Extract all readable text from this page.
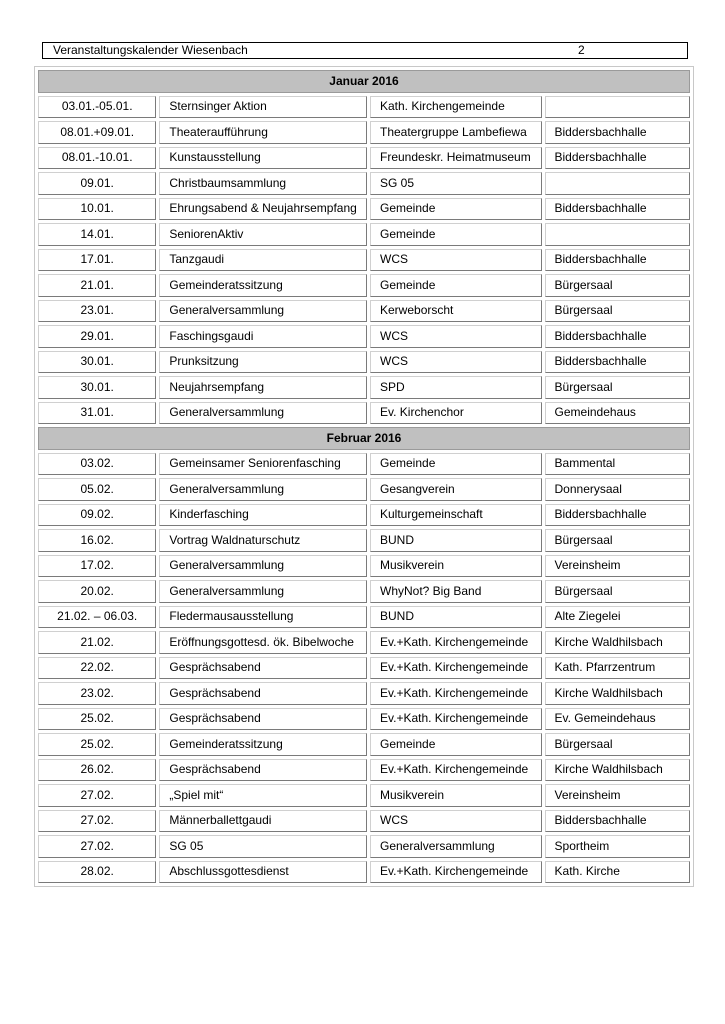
Veranstaltungskalender Wiesenbach	2
Januar 2016			
03.01.-05.01.	Sternsinger Aktion	Kath. Kirchengemeinde	
08.01.+09.01.	Theateraufführung	Theatergruppe Lambefiewa	Biddersbachhalle
08.01.-10.01.	Kunstausstellung	Freundeskr. Heimatmuseum	Biddersbachhalle
09.01.	Christbaumsammlung	SG 05	
10.01.	Ehrungsabend & Neujahrsempfang	Gemeinde	Biddersbachhalle
14.01.	SeniorenAktiv	Gemeinde	
17.01.	Tanzgaudi	WCS	Biddersbachhalle
21.01.	Gemeinderatssitzung	Gemeinde	Bürgersaal
23.01.	Generalversammlung	Kerweborscht	Bürgersaal
29.01.	Faschingsgaudi	WCS	Biddersbachhalle
30.01.	Prunksitzung	WCS	Biddersbachhalle
30.01.	Neujahrsempfang	SPD	Bürgersaal
31.01.	Generalversammlung	Ev. Kirchenchor	Gemeindehaus
Februar 2016			
03.02.	Gemeinsamer Seniorenfasching	Gemeinde	Bammental
05.02.	Generalversammlung	Gesangverein	Donnerysaal
09.02.	Kinderfasching	Kulturgemeinschaft	Biddersbachhalle
16.02.	Vortrag Waldnaturschutz	BUND	Bürgersaal
17.02.	Generalversammlung	Musikverein	Vereinsheim
20.02.	Generalversammlung	WhyNot? Big Band	Bürgersaal
21.02. – 06.03.	Fledermausausstellung	BUND	Alte Ziegelei
21.02.	Eröffnungsgottesd. ök. Bibelwoche	Ev.+Kath. Kirchengemeinde	Kirche Waldhilsbach
22.02.	Gesprächsabend	Ev.+Kath. Kirchengemeinde	Kath. Pfarrzentrum
23.02.	Gesprächsabend	Ev.+Kath. Kirchengemeinde	Kirche Waldhilsbach
25.02.	Gesprächsabend	Ev.+Kath. Kirchengemeinde	Ev. Gemeindehaus
25.02.	Gemeinderatssitzung	Gemeinde	Bürgersaal
26.02.	Gesprächsabend	Ev.+Kath. Kirchengemeinde	Kirche Waldhilsbach
27.02.	„Spiel mit“	Musikverein	Vereinsheim
27.02.	Männerballettgaudi	WCS	Biddersbachhalle
27.02.	SG 05	Generalversammlung	Sportheim
28.02.	Abschlussgottesdienst	Ev.+Kath. Kirchengemeinde	Kath. Kirche
